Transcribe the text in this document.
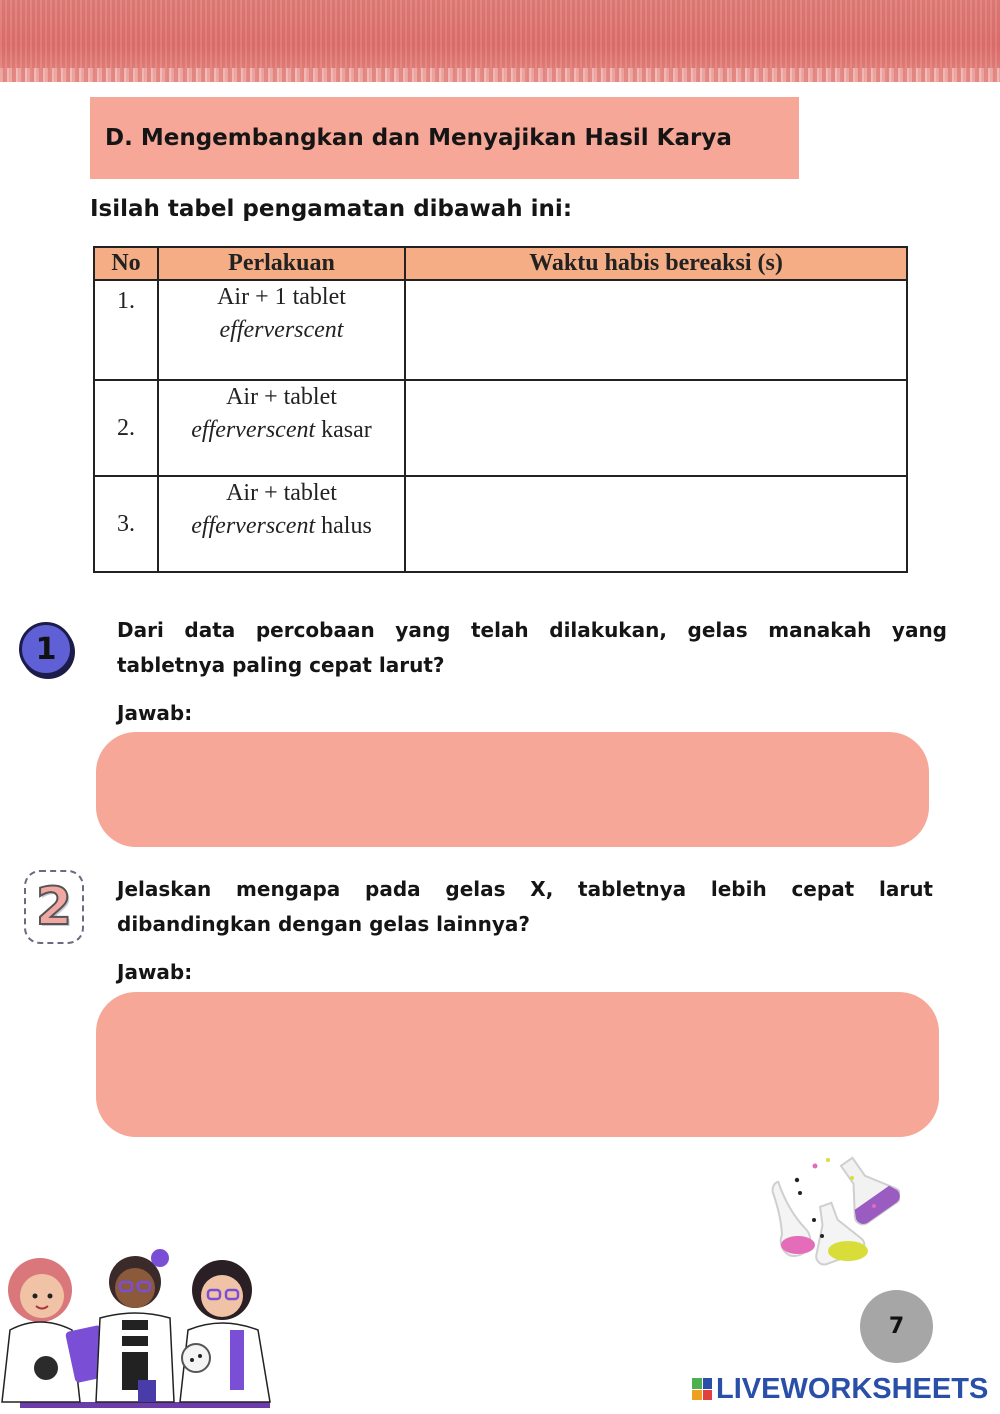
D. Mengembangkan dan Menyajikan Hasil Karya
Isilah tabel pengamatan dibawah ini:
No	Perlakuan	Waktu habis bereaksi (s)
1.	Air + 1 tablet
efferverscent	

2.	Air + tablet
efferverscent kasar	

3.	Air + tablet
efferverscent halus	

1
Dari data percobaan yang telah dilakukan, gelas manakah yang
tabletnya paling cepat larut?
Jawab:
2	Jelaskan mengapa pada gelas X, tabletnya lebih cepat larut
dibandingkan dengan gelas lainnya?
Jawab:
7
LIVEWORKSHEETS
